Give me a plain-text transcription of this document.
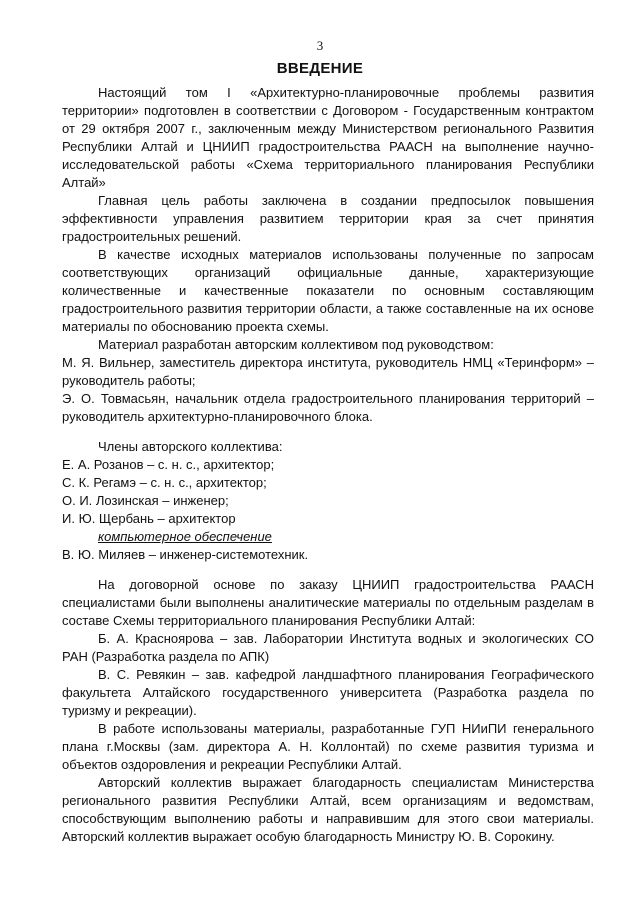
3
ВВЕДЕНИЕ

Настоящий том I «Архитектурно-планировочные проблемы развития территории» подготовлен в соответствии с Договором - Государственным контрактом от 29 октября 2007 г., заключенным между Министерством регионального Развития Республики Алтай и ЦНИИП градостроительства РААСН на выполнение научно-исследовательской работы «Схема территориального планирования Республики Алтай»

Главная цель работы заключена в создании предпосылок повышения эффективности управления развитием территории края за счет принятия градостроительных решений.

В качестве исходных материалов использованы полученные по запросам соответствующих организаций официальные данные, характеризующие количественные и качественные показатели по основным составляющим градостроительного развития территории области, а также составленные на их основе материалы по обоснованию проекта схемы.

Материал разработан авторским коллективом под руководством:

М. Я. Вильнер, заместитель директора института, руководитель НМЦ «Теринформ» – руководитель работы;

Э. О. Товмасьян, начальник отдела градостроительного планирования территорий – руководитель архитектурно-планировочного блока.

Члены авторского коллектива:

Е. А. Розанов – с. н. с., архитектор;

С. К. Регамэ – с. н. с., архитектор;

О. И. Лозинская – инженер;

И. Ю. Щербань – архитектор

компьютерное обеспечение

В. Ю. Миляев – инженер-системотехник.

На договорной основе по заказу ЦНИИП градостроительства РААСН специалистами были выполнены аналитические материалы по отдельным разделам в составе Схемы территориального планирования Республики Алтай:

Б. А. Красноярова – зав. Лаборатории Института водных и экологических СО РАН (Разработка раздела по АПК)

В. С. Ревякин – зав. кафедрой ландшафтного планирования Географического факультета Алтайского государственного университета (Разработка раздела по туризму и рекреации).

В работе использованы материалы, разработанные ГУП НИиПИ генерального плана г.Москвы (зам. директора А. Н. Коллонтай) по схеме развития туризма и объектов оздоровления и рекреации Республики Алтай.

Авторский коллектив выражает благодарность специалистам Министерства регионального развития Республики Алтай, всем организациям и ведомствам, способствующим выполнению работы и направившим для этого свои материалы. Авторский коллектив выражает особую благодарность Министру Ю. В. Сорокину.
